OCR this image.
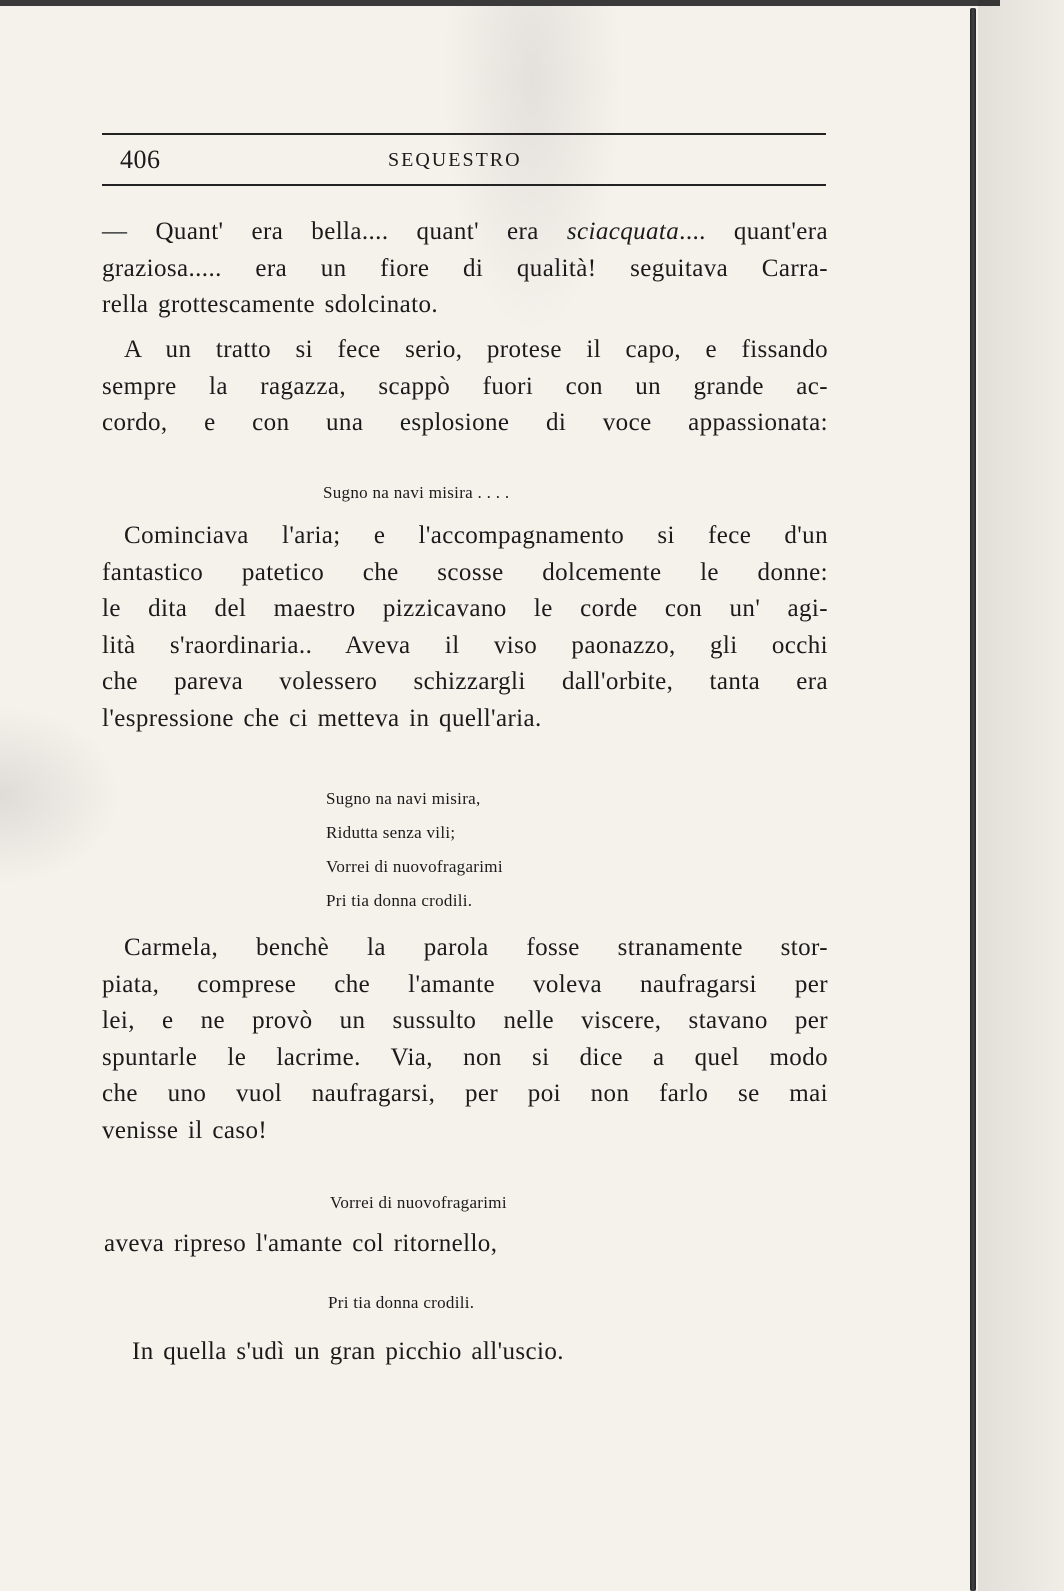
406	SEQUESTRO
— Quant' era bella.... quant' era sciacquata.... quant'era
graziosa..... era un fiore di qualità! seguitava Carra-
rella grottescamente sdolcinato.
A un tratto si fece serio, protese il capo, e fissando
sempre la ragazza, scappò fuori con un grande ac-
cordo, e con una esplosione di voce appassionata:
Sugno na navi misira . . . .
Cominciava l'aria; e l'accompagnamento si fece d'un
fantastico patetico che scosse dolcemente le donne:
le dita del maestro pizzicavano le corde con un' agi-
lità s'raordinaria.. Aveva il viso paonazzo, gli occhi
che pareva volessero schizzargli dall'orbite, tanta era
l'espressione che ci metteva in quell'aria.
Sugno na navi misira,
Ridutta senza vili;
Vorrei di nuovofragarimi
Pri tia donna crodili.
Carmela, benchè la parola fosse stranamente stor-
piata, comprese che l'amante voleva naufragarsi per
lei, e ne provò un sussulto nelle viscere, stavano per
spuntarle le lacrime. Via, non si dice a quel modo
che uno vuol naufragarsi, per poi non farlo se mai
venisse il caso!
Vorrei di nuovofragarimi
aveva ripreso l'amante col ritornello,
Pri tia donna crodili.
In quella s'udì un gran picchio all'uscio.
